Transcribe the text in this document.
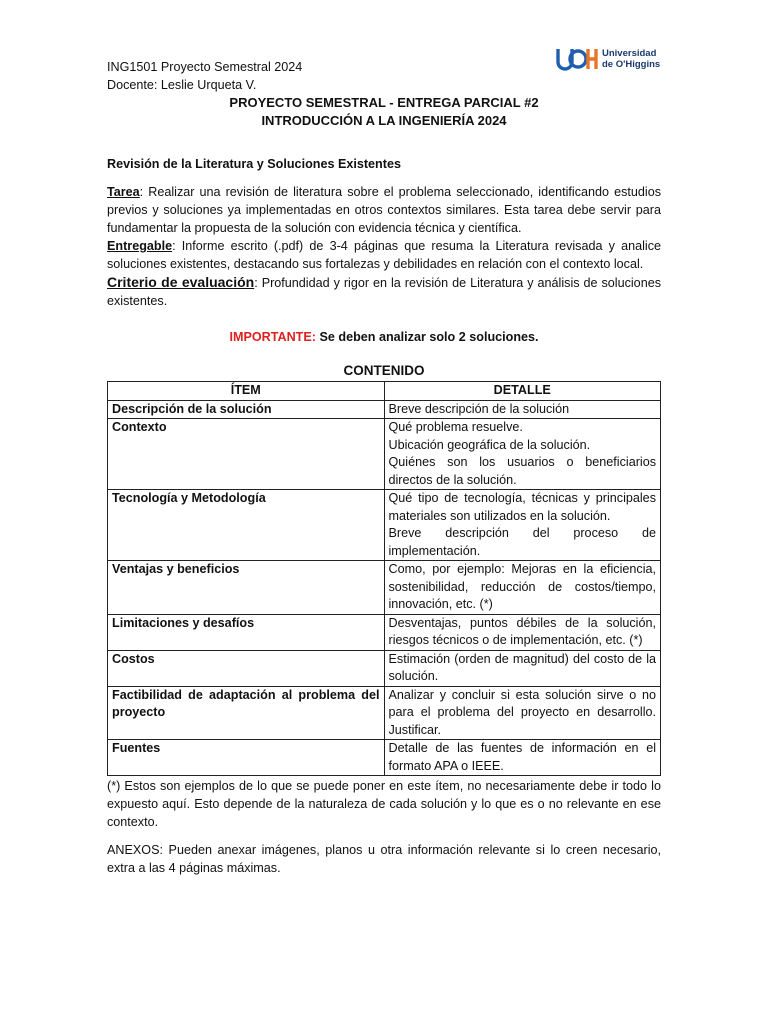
Universidad
de O'Higgins

ING1501 Proyecto Semestral 2024

Docente: Leslie Urqueta V.

PROYECTO SEMESTRAL - ENTREGA PARCIAL #2

INTRODUCCIÓN A LA INGENIERÍA 2024

Revisión de la Literatura y Soluciones Existentes

Tarea: Realizar una revisión de literatura sobre el problema seleccionado, identificando estudios previos y soluciones ya implementadas en otros contextos similares. Esta tarea debe servir para fundamentar la propuesta de la solución con evidencia técnica y científica.

Entregable: Informe escrito (.pdf) de 3-4 páginas que resuma la Literatura revisada y analice soluciones existentes, destacando sus fortalezas y debilidades en relación con el contexto local.

Criterio de evaluación: Profundidad y rigor en la revisión de Literatura y análisis de soluciones existentes.

IMPORTANTE: Se deben analizar solo 2 soluciones.

CONTENIDO

ÍTEM	DETALLE
Descripción de la solución	Breve descripción de la solución

Contexto	Qué problema resuelve.
Ubicación geográfica de la solución.
Quiénes son los usuarios o beneficiarios directos de la solución.

Tecnología y Metodología	Qué tipo de tecnología, técnicas y principales materiales son utilizados en la solución.
Breve descripción del proceso de implementación.

Ventajas y beneficios	Como, por ejemplo: Mejoras en la eficiencia, sostenibilidad, reducción de costos/tiempo, innovación, etc. (*)

Limitaciones y desafíos	Desventajas, puntos débiles de la solución, riesgos técnicos o de implementación, etc. (*)

Costos	Estimación (orden de magnitud) del costo de la solución.

Factibilidad de adaptación al problema del proyecto	Analizar y concluir si esta solución sirve o no para el problema del proyecto en desarrollo. Justificar.

Fuentes	Detalle de las fuentes de información en el formato APA o IEEE.

(*) Estos son ejemplos de lo que se puede poner en este ítem, no necesariamente debe ir todo lo expuesto aquí. Esto depende de la naturaleza de cada solución y lo que es o no relevante en ese contexto.

ANEXOS: Pueden anexar imágenes, planos u otra información relevante si lo creen necesario, extra a las 4 páginas máximas.
